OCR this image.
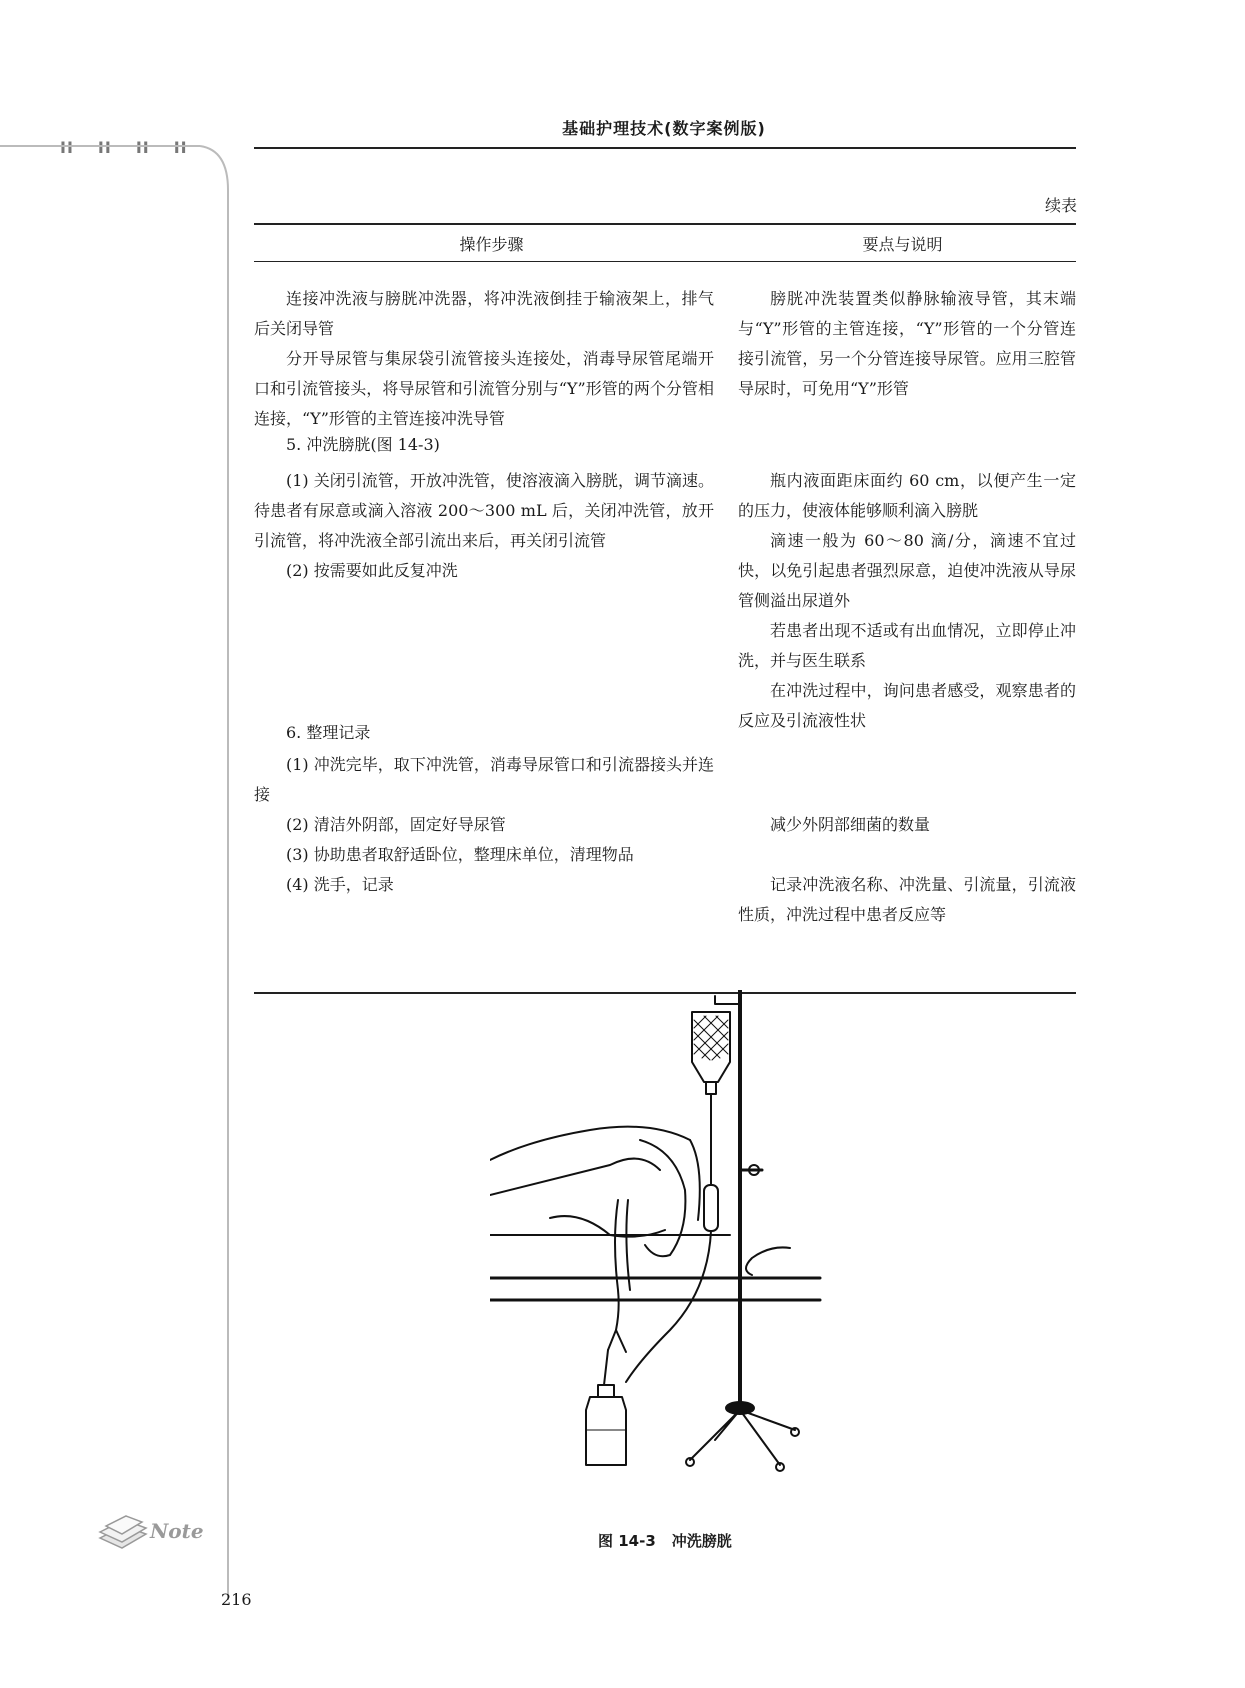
II II II II
基础护理技术(数字案例版)
续表
操作步骤	要点与说明

连接冲洗液与膀胱冲洗器，将冲洗液倒挂于输液架上，排气后关闭导管

分开导尿管与集尿袋引流管接头连接处，消毒导尿管尾端开口和引流管接头，将导尿管和引流管分别与“Y”形管的两个分管相连接，“Y”形管的主管连接冲洗导管

膀胱冲洗装置类似静脉输液导管，其末端与“Y”形管的主管连接，“Y”形管的一个分管连接引流管，另一个分管连接导尿管。应用三腔管导尿时，可免用“Y”形管

5. 冲洗膀胱(图 14-3)

(1) 关闭引流管，开放冲洗管，使溶液滴入膀胱，调节滴速。待患者有尿意或滴入溶液 200～300 mL 后，关闭冲洗管，放开引流管，将冲洗液全部引流出来后，再关闭引流管

(2) 按需要如此反复冲洗

瓶内液面距床面约 60 cm，以便产生一定的压力，使液体能够顺利滴入膀胱

滴速一般为 60～80 滴/分，滴速不宜过快，以免引起患者强烈尿意，迫使冲洗液从导尿管侧溢出尿道外

若患者出现不适或有出血情况，立即停止冲洗，并与医生联系

在冲洗过程中，询问患者感受，观察患者的反应及引流液性状

6. 整理记录

(1) 冲洗完毕，取下冲洗管，消毒导尿管口和引流器接头并连接

(2) 清洁外阴部，固定好导尿管

(3) 协助患者取舒适卧位，整理床单位，清理物品

(4) 洗手，记录

减少外阴部细菌的数量

记录冲洗液名称、冲洗量、引流量，引流液性质，冲洗过程中患者反应等

图 14-3 冲洗膀胱
Note
216
